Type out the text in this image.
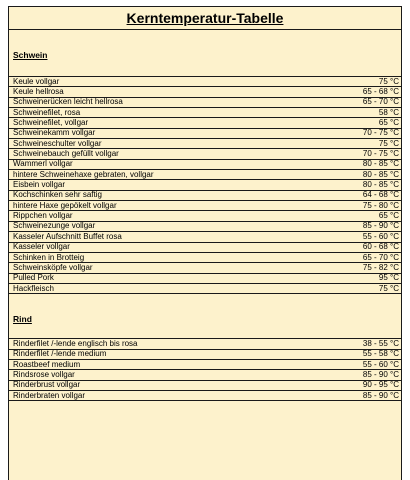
Kerntemperatur-Tabelle
Schwein
Keule vollgar	75 °C
Keule hellrosa	65 - 68 °C
Schweinerücken leicht hellrosa	65 - 70 °C
Schweinefilet, rosa	58 °C
Schweinefilet, vollgar	65 °C
Schweinekamm vollgar	70 - 75 °C
Schweineschulter vollgar	75 °C
Schweinebauch gefüllt vollgar	70 - 75 °C
Wammerl vollgar	80 - 85 °C
hintere Schweinehaxe gebraten, vollgar	80 - 85 °C
Eisbein vollgar	80 - 85 °C
Kochschinken sehr saftig	64 - 68 °C
hintere Haxe gepökelt vollgar	75 - 80 °C
Rippchen vollgar	65 °C
Schweinezunge vollgar	85 - 90 °C
Kasseler Aufschnitt Buffet rosa	55 - 60 °C
Kasseler vollgar	60 - 68 °C
Schinken in Brotteig	65 - 70 °C
Schweinsköpfe vollgar	75 - 82 °C
Pulled Pork	95 °C
Hackfleisch	75 °C
Rind
Rinderfilet /-lende englisch bis rosa	38 - 55 °C
Rinderfilet /-lende medium	55 - 58 °C
Roastbeef medium	55 - 60 °C
Rindsrose vollgar	85 - 90 °C
Rinderbrust vollgar	90 - 95 °C
Rinderbraten vollgar	85 - 90 °C
